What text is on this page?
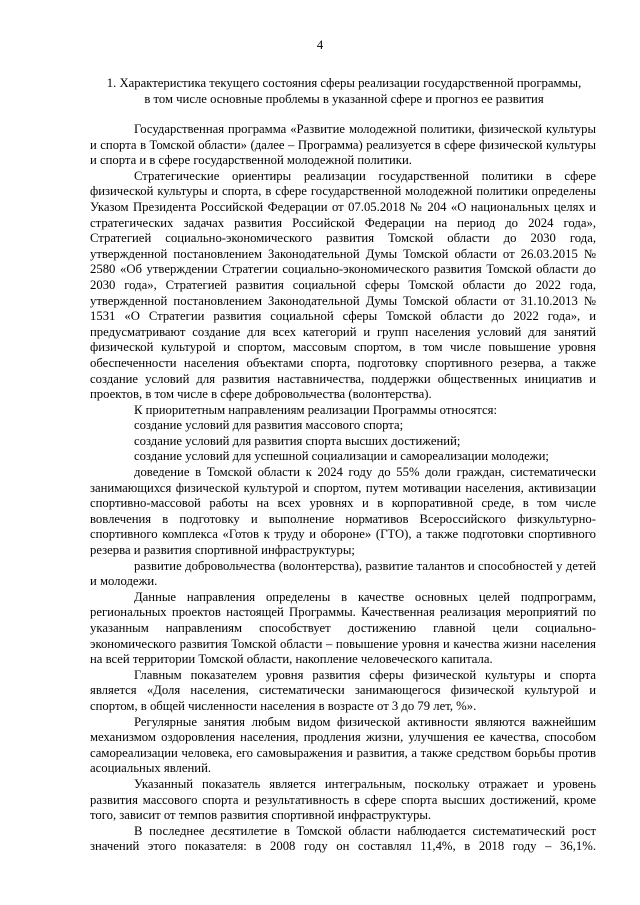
4
1. Характеристика текущего состояния сферы реализации государственной программы,
в том числе основные проблемы в указанной сфере и прогноз ее развития

Государственная программа «Развитие молодежной политики, физической культуры и спорта в Томской области» (далее – Программа) реализуется в сфере физической культуры и спорта и в сфере государственной молодежной политики.

Стратегические ориентиры реализации государственной политики в сфере физической культуры и спорта, в сфере государственной молодежной политики определены Указом Президента Российской Федерации от 07.05.2018 № 204 «О национальных целях и стратегических задачах развития Российской Федерации на период до 2024 года», Стратегией социально-экономического развития Томской области до 2030 года, утвержденной постановлением Законодательной Думы Томской области от 26.03.2015 № 2580 «Об утверждении Стратегии социально-экономического развития Томской области до 2030 года», Стратегией развития социальной сферы Томской области до 2022 года, утвержденной постановлением Законодательной Думы Томской области от 31.10.2013 № 1531 «О Стратегии развития социальной сферы Томской области до 2022 года», и предусматривают создание для всех категорий и групп населения условий для занятий физической культурой и спортом, массовым спортом, в том числе повышение уровня обеспеченности населения объектами спорта, подготовку спортивного резерва, а также создание условий для развития наставничества, поддержки общественных инициатив и проектов, в том числе в сфере добровольчества (волонтерства).

К приоритетным направлениям реализации Программы относятся:

создание условий для развития массового спорта;

создание условий для развития спорта высших достижений;

создание условий для успешной социализации и самореализации молодежи;

доведение в Томской области к 2024 году до 55% доли граждан, систематически занимающихся физической культурой и спортом, путем мотивации населения, активизации спортивно-массовой работы на всех уровнях и в корпоративной среде, в том числе вовлечения в подготовку и выполнение нормативов Всероссийского физкультурно-спортивного комплекса «Готов к труду и обороне» (ГТО), а также подготовки спортивного резерва и развития спортивной инфраструктуры;

развитие добровольчества (волонтерства), развитие талантов и способностей у детей и молодежи.

Данные направления определены в качестве основных целей подпрограмм, региональных проектов настоящей Программы. Качественная реализация мероприятий по указанным направлениям способствует достижению главной цели социально-экономического развития Томской области – повышение уровня и качества жизни населения на всей территории Томской области, накопление человеческого капитала.

Главным показателем уровня развития сферы физической культуры и спорта является «Доля населения, систематически занимающегося физической культурой и спортом, в общей численности населения в возрасте от 3 до 79 лет, %».

Регулярные занятия любым видом физической активности являются важнейшим механизмом оздоровления населения, продления жизни, улучшения ее качества, способом самореализации человека, его самовыражения и развития, а также средством борьбы против асоциальных явлений.

Указанный показатель является интегральным, поскольку отражает и уровень развития массового спорта и результативность в сфере спорта высших достижений, кроме того, зависит от темпов развития спортивной инфраструктуры.

В последнее десятилетие в Томской области наблюдается систематический рост значений этого показателя: в 2008 году он составлял 11,4%, в 2018 году – 36,1%.
